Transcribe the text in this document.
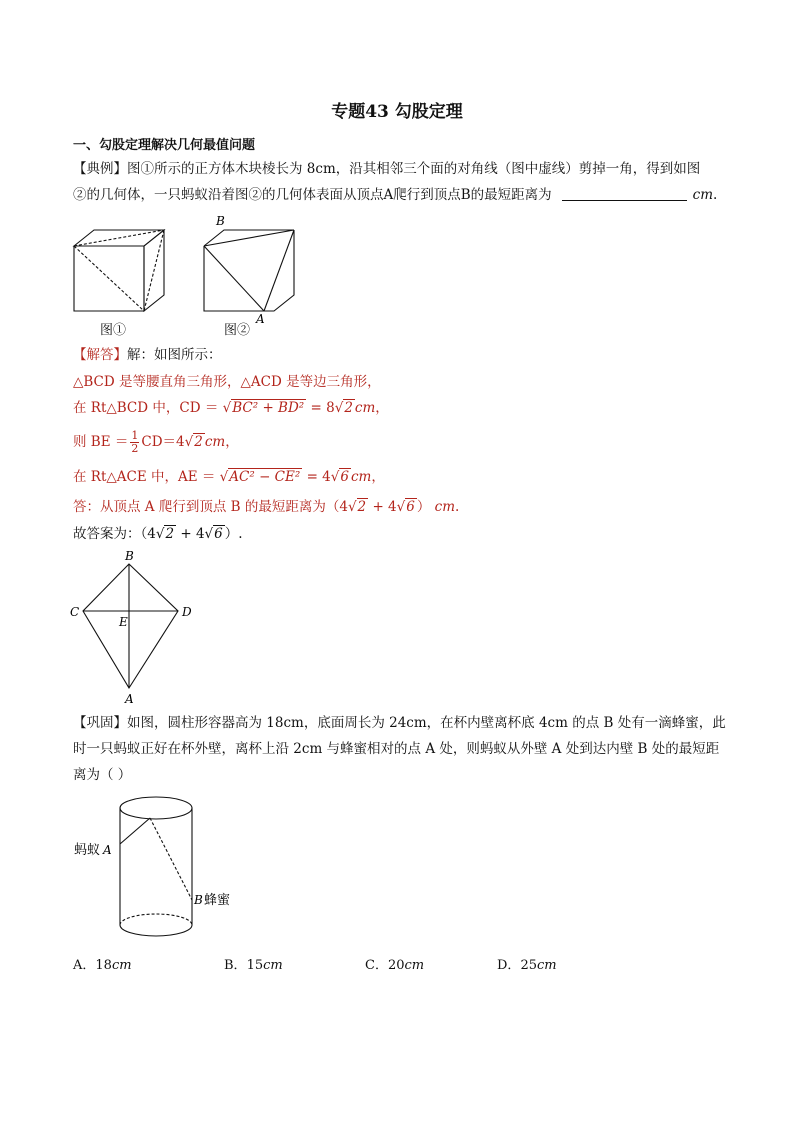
专题43 勾股定理
一、勾股定理解决几何最值问题
【典例】图①所示的正方体木块棱长为 8cm，沿其相邻三个面的对角线（图中虚线）剪掉一角，得到如图
②的几何体，一只蚂蚁沿着图②的几何体表面从顶点A爬行到顶点B的最短距离为	cm.
图①
B
A
图②
【解答】解：如图所示：
△BCD 是等腰直角三角形，△ACD 是等边三角形，
在 Rt△BCD 中，CD ＝ √BC² + BD² = 8√2 cm，
则 BE ＝ $\frac{1}{2} CD=4√2$ cm，
在 Rt△ACE 中，AE ＝ √AC² − CE² = 4√6 cm，
答：从顶点 A 爬行到顶点 B 的最短距离为（4√2 + 4√6 ） cm.
故答案为：（4√2 + 4√6 ）.
B
C	D
E
A
【巩固】如图，圆柱形容器高为 18cm，底面周长为 24cm，在杯内壁离杯底 4cm 的点 B 处有一滴蜂蜜，此
时一只蚂蚁正好在杯外壁，离杯上沿 2cm 与蜂蜜相对的点 A 处，则蚂蚁从外壁 A 处到达内壁 B 处的最短距
离为（ ）
蚂蚁 A
B 蜂蜜
A．18cm	B．15cm	C．20cm	D．25cm
